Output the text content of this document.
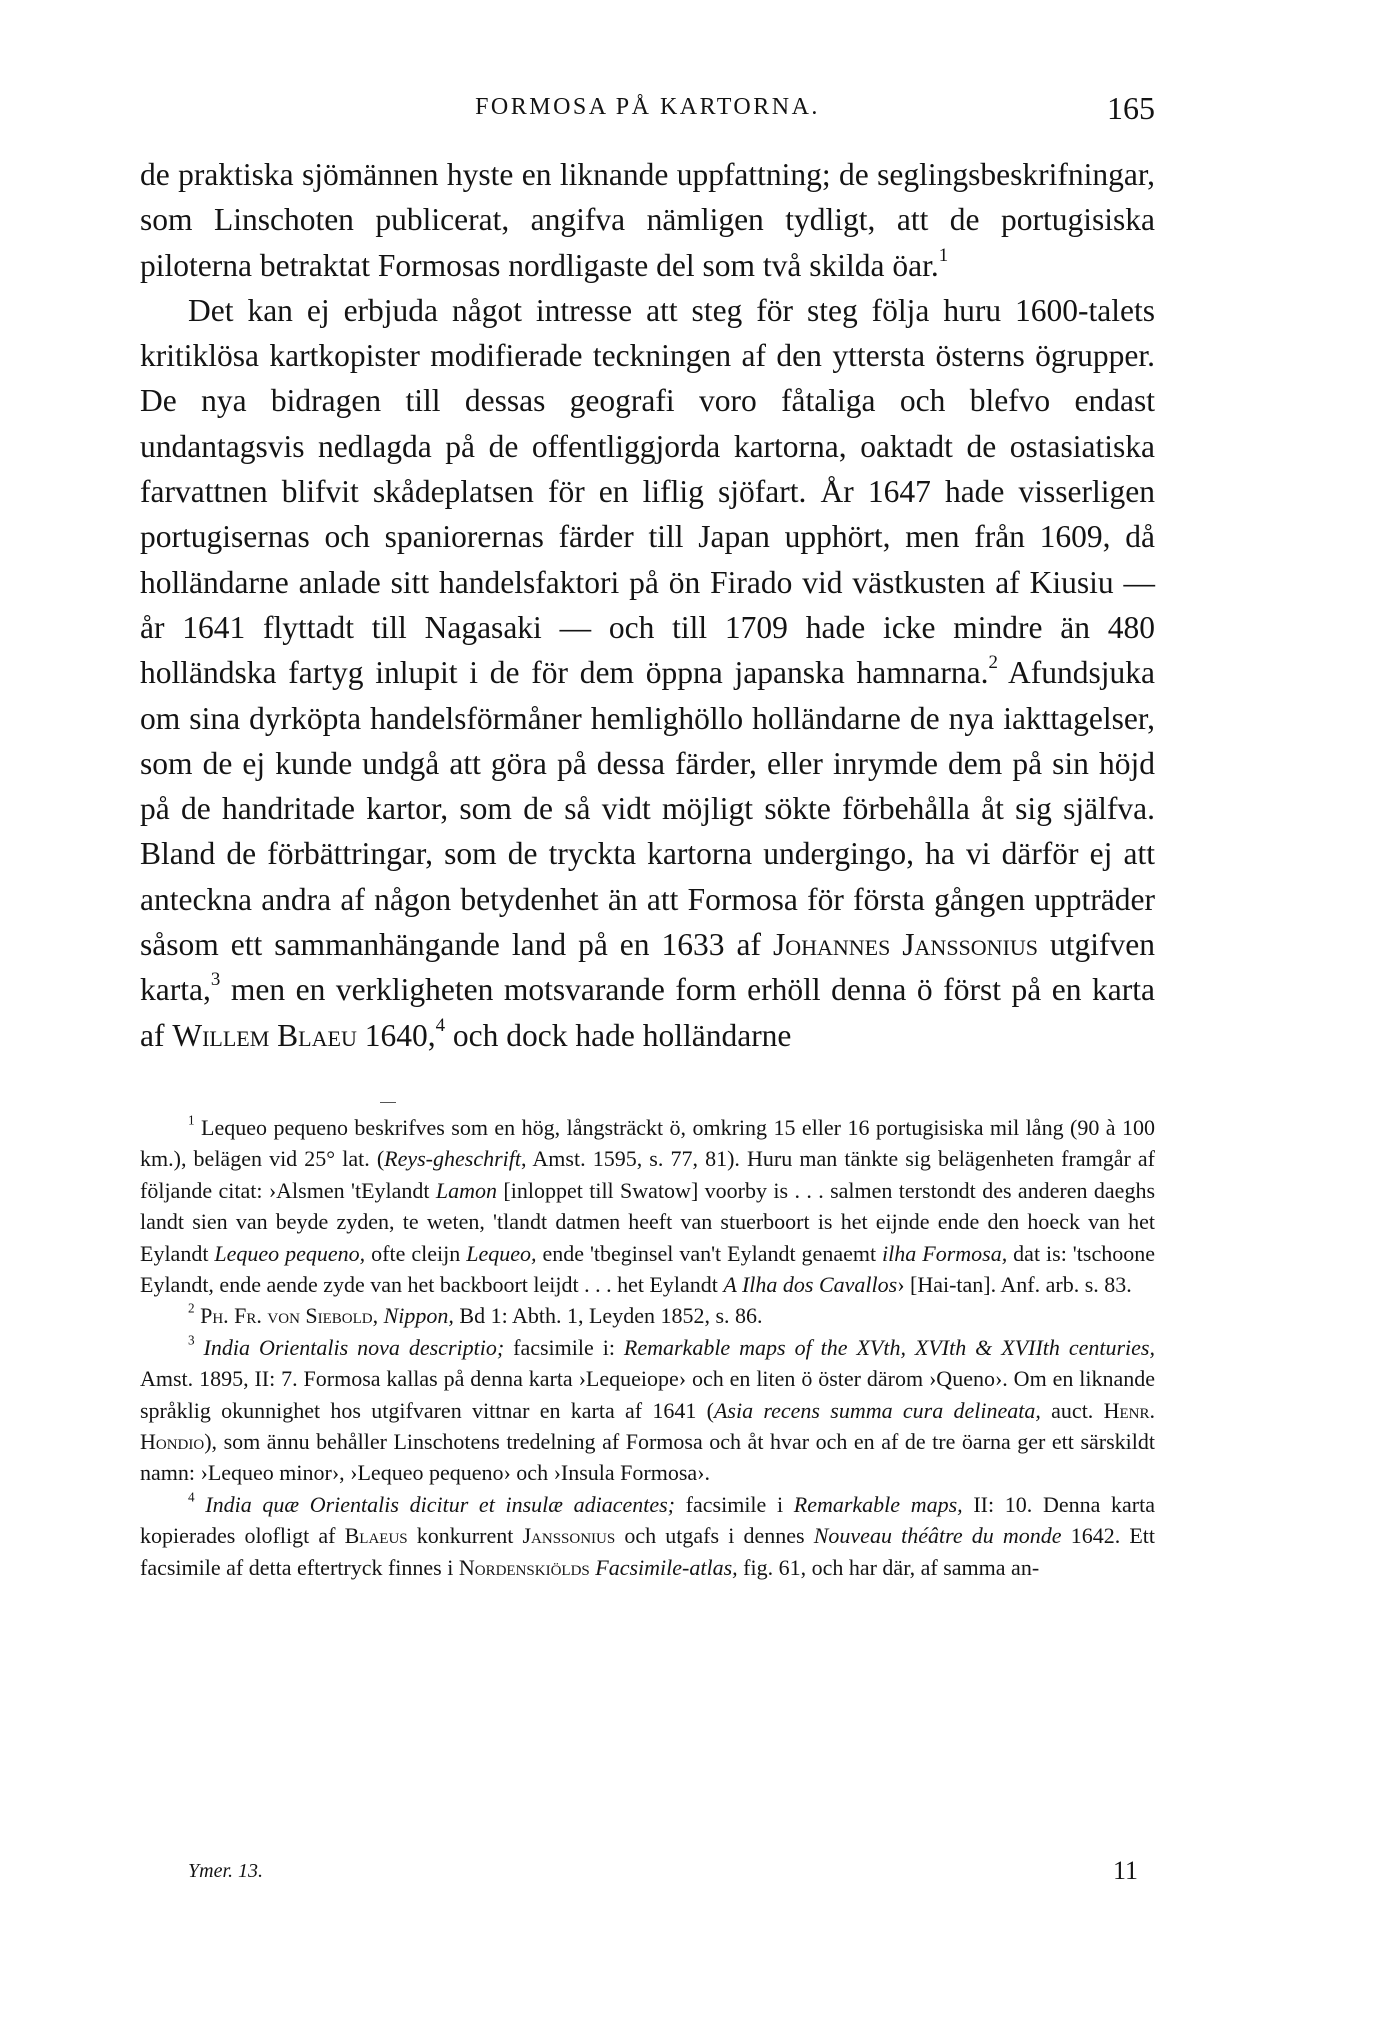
FORMOSA PÅ KARTORNA.	165

de praktiska sjömännen hyste en liknande uppfattning; de seglingsbeskrifningar, som Linschoten publicerat, angifva nämligen tydligt, att de portugisiska piloterna betraktat Formosas nordligaste del som två skilda öar.$^1$

Det kan ej erbjuda något intresse att steg för steg följa huru 1600-talets kritiklösa kartkopister modifierade teckningen af den yttersta österns ögrupper. De nya bidragen till dessas geografi voro fåtaliga och blefvo endast undantagsvis nedlagda på de offentliggjorda kartorna, oaktadt de ostasiatiska farvattnen blifvit skådeplatsen för en liflig sjöfart. År 1647 hade visserligen portugisernas och spaniorernas färder till Japan upphört, men från 1609, då holländarne anlade sitt handelsfaktori på ön Firado vid västkusten af Kiusiu — år 1641 flyttadt till Nagasaki — och till 1709 hade icke mindre än 480 holländska fartyg inlupit i de för dem öppna japanska hamnarna.$^2$ Afundsjuka om sina dyrköpta handelsförmåner hemlighöllo holländarne de nya iakttagelser, som de ej kunde undgå att göra på dessa färder, eller inrymde dem på sin höjd på de handritade kartor, som de så vidt möjligt sökte förbehålla åt sig själfva. Bland de förbättringar, som de tryckta kartorna undergingo, ha vi därför ej att anteckna andra af någon betydenhet än att Formosa för första gången uppträder såsom ett sammanhängande land på en 1633 af Johannes Janssonius utgifven karta,$^3$ men en verkligheten motsvarande form erhöll denna ö först på en karta af Willem Blaeu 1640,$^4$ och dock hade holländarne

$^1$ Lequeo pequeno beskrifves som en hög, långsträckt ö, omkring 15 eller 16 portugisiska mil lång (90 à 100 km.), belägen vid 25° lat. (Reys-gheschrift, Amst. 1595, s. 77, 81). Huru man tänkte sig belägenheten framgår af följande citat: ›Alsmen 'tEylandt Lamon [inloppet till Swatow] voorby is . . . salmen terstondt des anderen daeghs landt sien van beyde zyden, te weten, 'tlandt datmen heeft van stuerboort is het eijnde ende den hoeck van het Eylandt Lequeo pequeno, ofte cleijn Lequeo, ende 'tbeginsel van't Eylandt genaemt ilha Formosa, dat is: 'tschoone Eylandt, ende aende zyde van het backboort leijdt . . . het Eylandt A Ilha dos Cavallos› [Hai-tan]. Anf. arb. s. 83.

$^2$ Ph. Fr. von Siebold, Nippon, Bd 1: Abth. 1, Leyden 1852, s. 86.

$^3$ India Orientalis nova descriptio; facsimile i: Remarkable maps of the XVth, XVIth & XVIIth centuries, Amst. 1895, II: 7. Formosa kallas på denna karta ›Lequeiope› och en liten ö öster därom ›Queno›. Om en liknande språklig okunnighet hos utgifvaren vittnar en karta af 1641 (Asia recens summa cura delineata, auct. Henr. Hondio), som ännu behåller Linschotens tredelning af Formosa och åt hvar och en af de tre öarna ger ett särskildt namn: ›Lequeo minor›, ›Lequeo pequeno› och ›Insula Formosa›.

$^4$ India quæ Orientalis dicitur et insulæ adiacentes; facsimile i Remarkable maps, II: 10. Denna karta kopierades olofligt af Blaeus konkurrent Janssonius och utgafs i dennes Nouveau théâtre du monde 1642. Ett facsimile af detta eftertryck finnes i Nordenskiölds Facsimile-atlas, fig. 61, och har där, af samma an-

Ymer. 13.	11
